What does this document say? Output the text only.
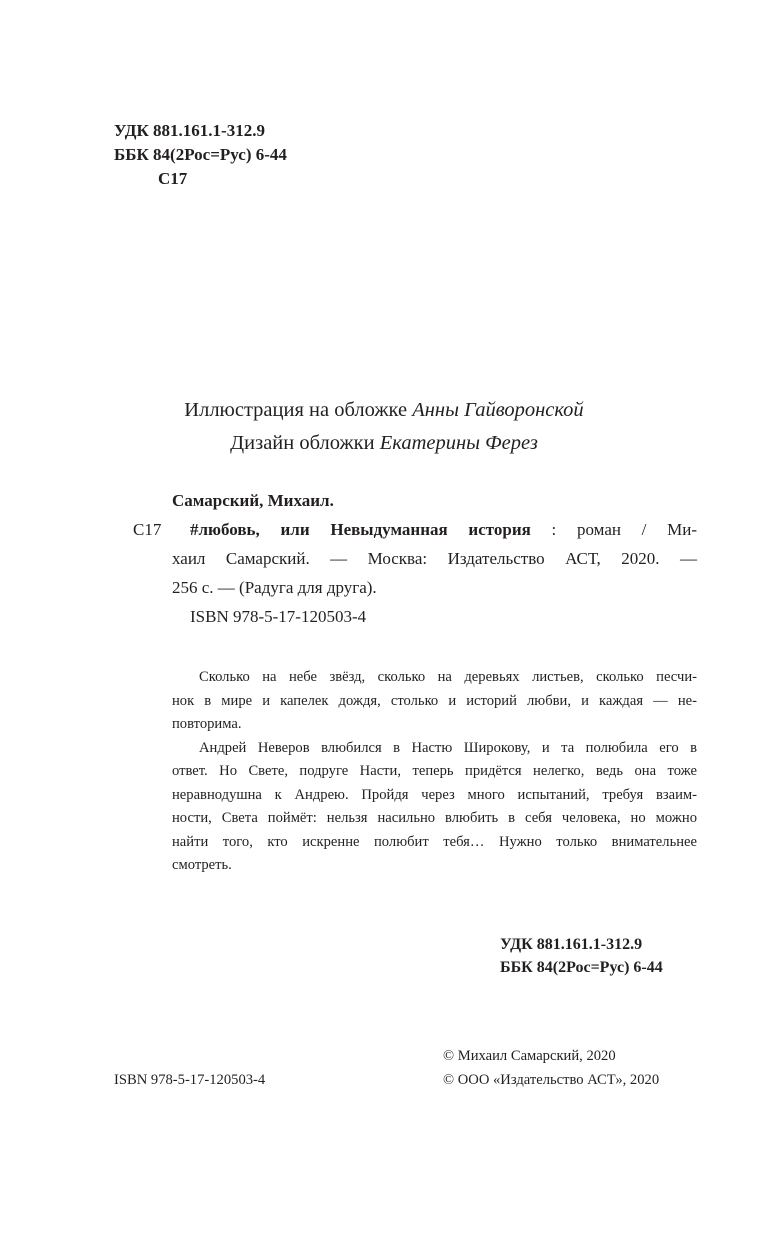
УДК 881.161.1-312.9
ББК 84(2Рос=Рус) 6-44
С17
Иллюстрация на обложке Анны Гайворонской
Дизайн обложки Екатерины Ферез
Самарский, Михаил.
С17 #любовь, или Невыдуманная история : роман / Ми-
хаил Самарский. — Москва: Издательство АСТ, 2020. —
256 с. — (Радуга для друга).
ISBN 978-5-17-120503-4
Сколько на небе звёзд, сколько на деревьях листьев, сколько песчи-
нок в мире и капелек дождя, столько и историй любви, и каждая — не-
повторима.
Андрей Неверов влюбился в Настю Широкову, и та полюбила его в
ответ. Но Свете, подруге Насти, теперь придётся нелегко, ведь она тоже
неравнодушна к Андрею. Пройдя через много испытаний, требуя взаим-
ности, Света поймёт: нельзя насильно влюбить в себя человека, но можно
найти того, кто искренне полюбит тебя… Нужно только внимательнее
смотреть.
УДК 881.161.1-312.9
ББК 84(2Рос=Рус) 6-44
© Михаил Самарский, 2020
ISBN 978-5-17-120503-4	© ООО «Издательство АСТ», 2020
